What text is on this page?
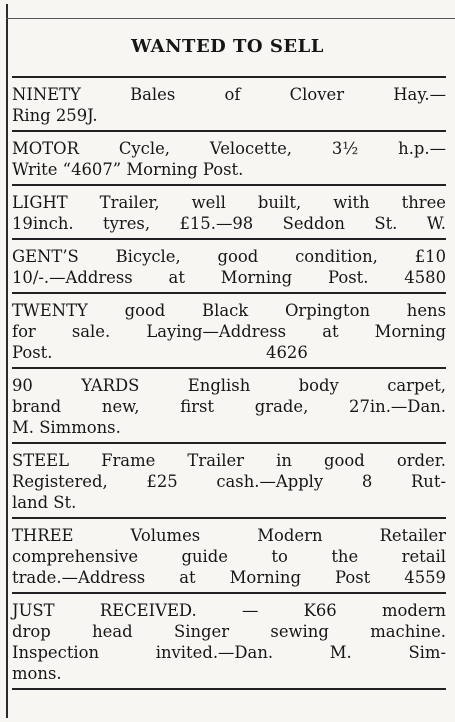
WANTED TO SELL
NINETY Bales of Clover Hay.—
Ring 259J.
MOTOR Cycle, Velocette, 3½ h.p.—
Write “4607” Morning Post.
LIGHT Trailer, well built, with three
19inch. tyres, £15.—98 Seddon St. W.
GENT’S Bicycle, good condition, £10
10/-.—Address at Morning Post. 4580
TWENTY good Black Orpington hens
for sale. Laying—Address at Morning
Post.                                         4626
90 YARDS English body carpet,
brand new, first grade, 27in.—Dan.
M. Simmons.
STEEL Frame Trailer in good order.
Registered, £25 cash.—Apply 8 Rut-
land St.
THREE Volumes Modern Retailer
comprehensive guide to the retail
trade.—Address at Morning Post 4559
JUST RECEIVED. — K66 modern
drop head Singer sewing machine.
Inspection invited.—Dan. M. Sim-
mons.
